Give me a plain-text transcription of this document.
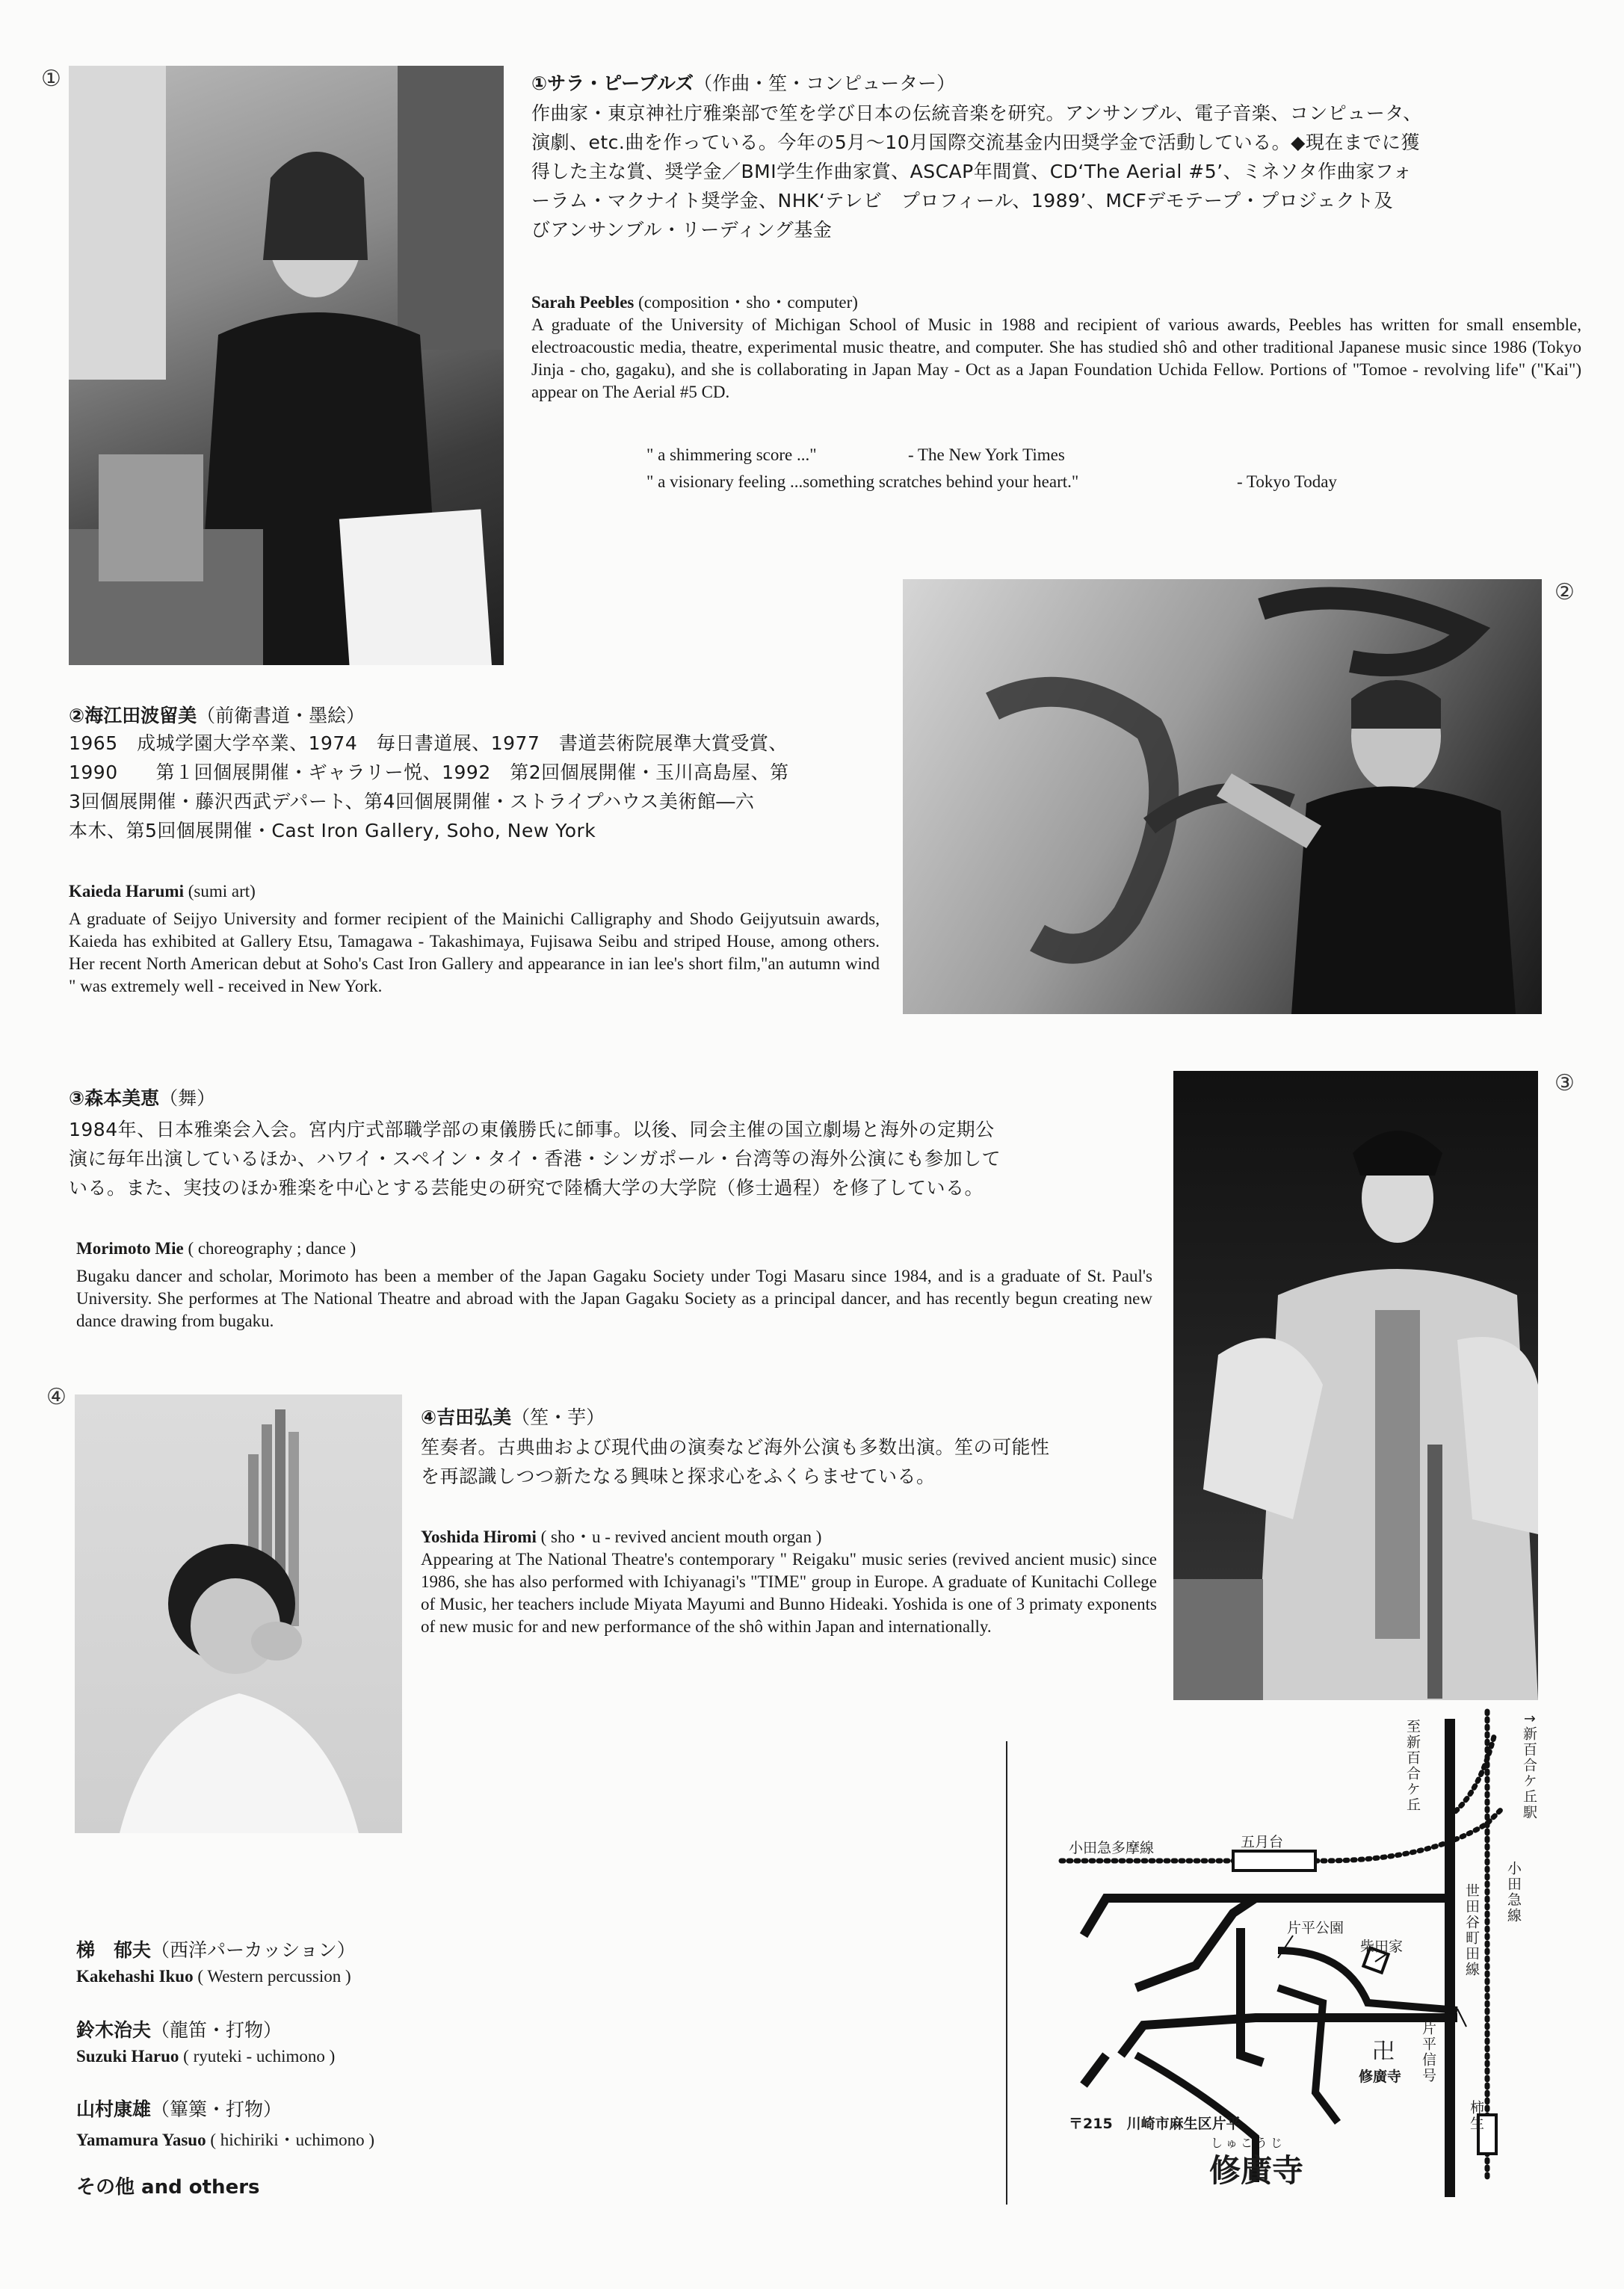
①	①サラ・ピーブルズ（作曲・笙・コンピューター）
作曲家・東京神社庁雅楽部で笙を学び日本の伝統音楽を研究。アンサンブル、電子音楽、コンピュータ、
演劇、etc.曲を作っている。今年の5月～10月国際交流基金内田奨学金で活動している。◆現在までに獲
得した主な賞、奨学金／BMI学生作曲家賞、ASCAP年間賞、CD‘The Aerial #5’、ミネソタ作曲家フォ
ーラム・マクナイト奨学金、NHK‘テレビ　プロフィール、1989’、MCFデモテープ・プロジェクト及
びアンサンブル・リーディング基金
Sarah Peebles (composition・sho・computer)
A graduate of the University of Michigan School of Music in 1988 and recipient of various awards, Peebles has written for small ensemble, electroacoustic media, theatre, experimental music theatre, and computer. She has studied shô and other traditional Japanese music since 1986 (Tokyo Jinja - cho, gagaku), and she is collaborating in Japan May - Oct as a Japan Foundation Uchida Fellow. Portions of "Tomoe - revolving life" ("Kai") appear on The Aerial #5 CD.
" a shimmering score ..."	- The New York Times
" a visionary feeling ...something scratches behind your heart."	- Tokyo Today
②
②海江田波留美（前衛書道・墨絵）
1965　成城学園大学卒業、1974　毎日書道展、1977　書道芸術院展準大賞受賞、
1990　　第１回個展開催・ギャラリー悦、1992　第2回個展開催・玉川高島屋、第
3回個展開催・藤沢西武デパート、第4回個展開催・ストライプハウス美術館―六
本木、第5回個展開催・Cast Iron Gallery, Soho, New York
Kaieda Harumi (sumi art)
A graduate of Seijyo University and former recipient of the Mainichi Calligraphy and Shodo Geijyutsuin awards, Kaieda has exhibited at Gallery Etsu, Tamagawa - Takashimaya, Fujisawa Seibu and striped House, among others. Her recent North American debut at Soho's Cast Iron Gallery and appearance in ian lee's short film,"an autumn wind " was extremely well - received in New York.
③
③森本美恵（舞）
1984年、日本雅楽会入会。宮内庁式部職学部の東儀勝氏に師事。以後、同会主催の国立劇場と海外の定期公
演に毎年出演しているほか、ハワイ・スペイン・タイ・香港・シンガポール・台湾等の海外公演にも参加して
いる。また、実技のほか雅楽を中心とする芸能史の研究で陸橋大学の大学院（修士過程）を修了している。
Morimoto Mie ( choreography ; dance )
Bugaku dancer and scholar, Morimoto has been a member of the Japan Gagaku Society under Togi Masaru since 1984, and is a graduate of St. Paul's University. She performes at The National Theatre and abroad with the Japan Gagaku Society as a principal dancer, and has recently begun creating new dance drawing from bugaku.
④
④吉田弘美（笙・芋）
笙奏者。古典曲および現代曲の演奏など海外公演も多数出演。笙の可能性
を再認識しつつ新たなる興味と探求心をふくらませている。
Yoshida Hiromi ( sho・u - revived ancient mouth organ )
Appearing at The National Theatre's contemporary " Reigaku" music series (revived ancient music) since 1986, she has also performed with Ichiyanagi's "TIME" group in Europe. A graduate of Kunitachi College of Music, her teachers include Miyata Mayumi and Bunno Hideaki. Yoshida is one of 3 primaty exponents of new music for and new performance of the shô within Japan and internationally.
梯　郁夫（西洋パーカッション）
Kakehashi Ikuo ( Western percussion )
鈴木治夫（龍笛・打物）
Suzuki Haruo ( ryuteki - uchimono )
山村康雄（篳篥・打物）
Yamamura Yasuo ( hichiriki・uchimono )
その他 and others
小田急多摩線	五月台
至新百合ケ丘	↑新百合ケ丘駅
世田谷町田線 小田急線
片平公園
柴田家
片平信号
卍
修廣寺
柿生
〒215　川崎市麻生区片平
しゅこうじ
修廣寺
